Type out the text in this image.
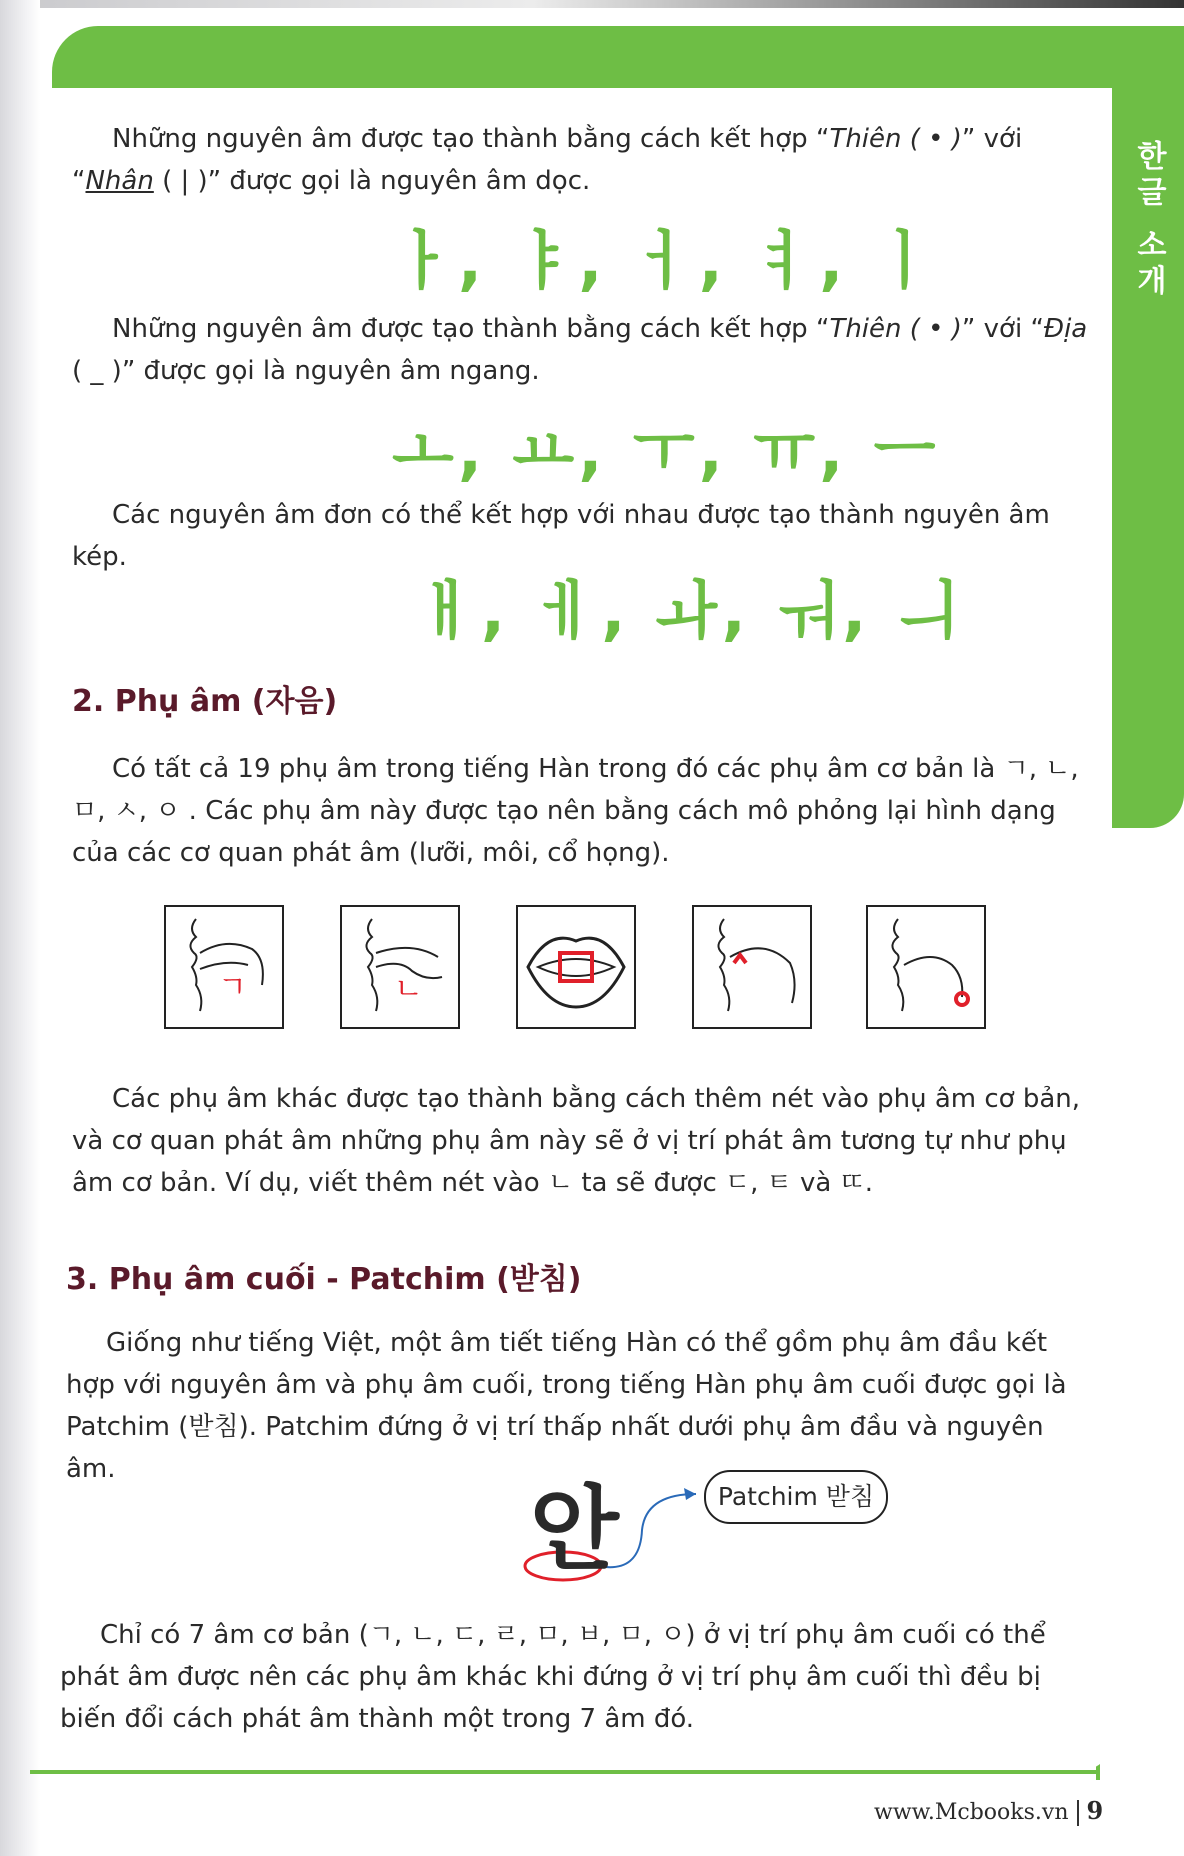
한글 소개

Những nguyên âm được tạo thành bằng cách kết hợp “Thiên ( • )” với “Nhân ( | )” được gọi là nguyên âm dọc.

ㅏ, ㅑ, ㅓ, ㅕ, ㅣ

Những nguyên âm được tạo thành bằng cách kết hợp “Thiên ( • )” với “Địa ( _ )” được gọi là nguyên âm ngang.

ㅗ, ㅛ, ㅜ, ㅠ, ㅡ

Các nguyên âm đơn có thể kết hợp với nhau được tạo thành nguyên âm kép.

ㅐ, ㅔ, ㅘ, ㅝ, ㅢ
2. Phụ âm (자음)

Có tất cả 19 phụ âm trong tiếng Hàn trong đó các phụ âm cơ bản là ㄱ, ㄴ, ㅁ, ㅅ, ㅇ . Các phụ âm này được tạo nên bằng cách mô phỏng lại hình dạng của các cơ quan phát âm (lưỡi, môi, cổ họng).

ㄱ	ㄴ

Các phụ âm khác được tạo thành bằng cách thêm nét vào phụ âm cơ bản, và cơ quan phát âm những phụ âm này sẽ ở vị trí phát âm tương tự như phụ âm cơ bản. Ví dụ, viết thêm nét vào ㄴ ta sẽ được ㄷ, ㅌ và ㄸ.

3. Phụ âm cuối - Patchim (받침)

Giống như tiếng Việt, một âm tiết tiếng Hàn có thể gồm phụ âm đầu kết hợp với nguyên âm và phụ âm cuối, trong tiếng Hàn phụ âm cuối được gọi là Patchim (받침). Patchim đứng ở vị trí thấp nhất dưới phụ âm đầu và nguyên âm.

안	Patchim 받침

Chỉ có 7 âm cơ bản (ㄱ, ㄴ, ㄷ, ㄹ, ㅁ, ㅂ, ㅁ, ㅇ) ở vị trí phụ âm cuối có thể phát âm được nên các phụ âm khác khi đứng ở vị trí phụ âm cuối thì đều bị biến đổi cách phát âm thành một trong 7 âm đó.

www.Mcbooks.vn 9
